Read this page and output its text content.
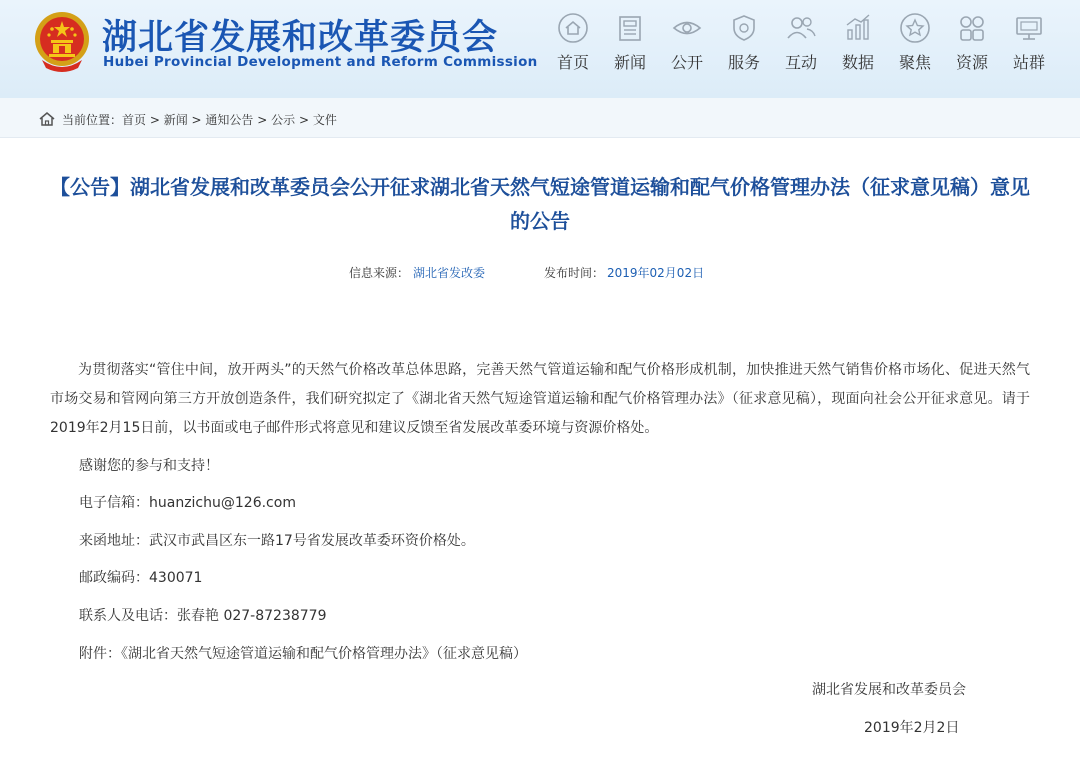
湖北省发展和改革委员会
Hubei Provincial Development and Reform Commission	首页	新闻	公开	服务	互动	数据	聚焦	资源	站群
当前位置：首页 > 新闻 > 通知公告 > 公示 > 文件
【公告】湖北省发展和改革委员会公开征求湖北省天然气短途管道运输和配气价格管理办法（征求意见稿）意见的公告
信息来源： 湖北省发改委	发布时间： 2019年02月02日
为贯彻落实“管住中间，放开两头”的天然气价格改革总体思路，完善天然气管道运输和配气价格形成机制，加快推进天然气销售价格市场化、促进天然气市场交易和管网向第三方开放创造条件，我们研究拟定了《湖北省天然气短途管道运输和配气价格管理办法》（征求意见稿），现面向社会公开征求意见。请于2019年2月15日前，以书面或电子邮件形式将意见和建议反馈至省发展改革委环境与资源价格处。
感谢您的参与和支持！
电子信箱：huanzichu@126.com
来函地址：武汉市武昌区东一路17号省发展改革委环资价格处。
邮政编码：430071
联系人及电话：张春艳 027-87238779
附件：《湖北省天然气短途管道运输和配气价格管理办法》（征求意见稿）
湖北省发展和改革委员会
2019年2月2日
